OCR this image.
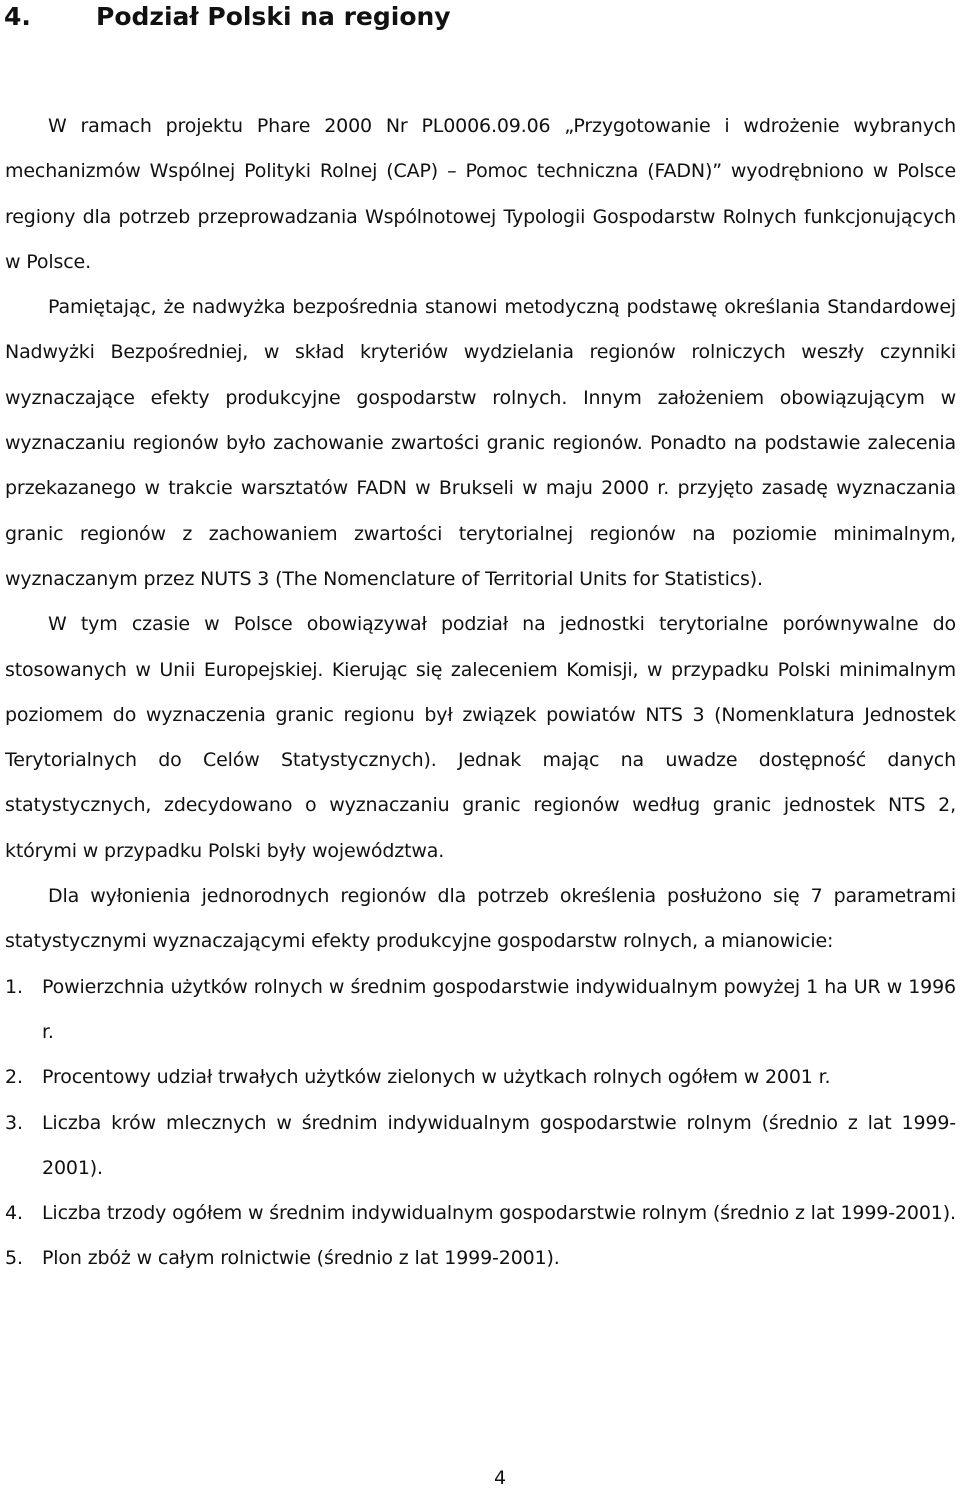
4.	Podział Polski na regiony

W ramach projektu Phare 2000 Nr PL0006.09.06 „Przygotowanie i wdrożenie wybranych mechanizmów Wspólnej Polityki Rolnej (CAP) – Pomoc techniczna (FADN)” wyodrębniono w Polsce regiony dla potrzeb przeprowadzania Wspólnotowej Typologii Gospodarstw Rolnych funkcjonujących w Polsce.

Pamiętając, że nadwyżka bezpośrednia stanowi metodyczną podstawę określania Standardowej Nadwyżki Bezpośredniej, w skład kryteriów wydzielania regionów rolniczych weszły czynniki wyznaczające efekty produkcyjne gospodarstw rolnych. Innym założeniem obowiązującym w wyznaczaniu regionów było zachowanie zwartości granic regionów. Ponadto na podstawie zalecenia przekazanego w trakcie warsztatów FADN w Brukseli w maju 2000 r. przyjęto zasadę wyznaczania granic regionów z zachowaniem zwartości terytorialnej regionów na poziomie minimalnym, wyznaczanym przez NUTS 3 (The Nomenclature of Territorial Units for Statistics).

W tym czasie w Polsce obowiązywał podział na jednostki terytorialne porównywalne do stosowanych w Unii Europejskiej. Kierując się zaleceniem Komisji, w przypadku Polski minimalnym poziomem do wyznaczenia granic regionu był związek powiatów NTS 3 (Nomenklatura Jednostek Terytorialnych do Celów Statystycznych). Jednak mając na uwadze dostępność danych statystycznych, zdecydowano o wyznaczaniu granic regionów według granic jednostek NTS 2, którymi w przypadku Polski były województwa.

Dla wyłonienia jednorodnych regionów dla potrzeb określenia posłużono się 7 parametrami statystycznymi wyznaczającymi efekty produkcyjne gospodarstw rolnych, a mianowicie:

1.	Powierzchnia użytków rolnych w średnim gospodarstwie indywidualnym powyżej 1 ha UR w 1996 r.
2.	Procentowy udział trwałych użytków zielonych w użytkach rolnych ogółem w 2001 r.
3.	Liczba krów mlecznych w średnim indywidualnym gospodarstwie rolnym (średnio z lat 1999-2001).
4.	Liczba trzody ogółem w średnim indywidualnym gospodarstwie rolnym (średnio z lat 1999-2001).
5.	Plon zbóż w całym rolnictwie (średnio z lat 1999-2001).
4
